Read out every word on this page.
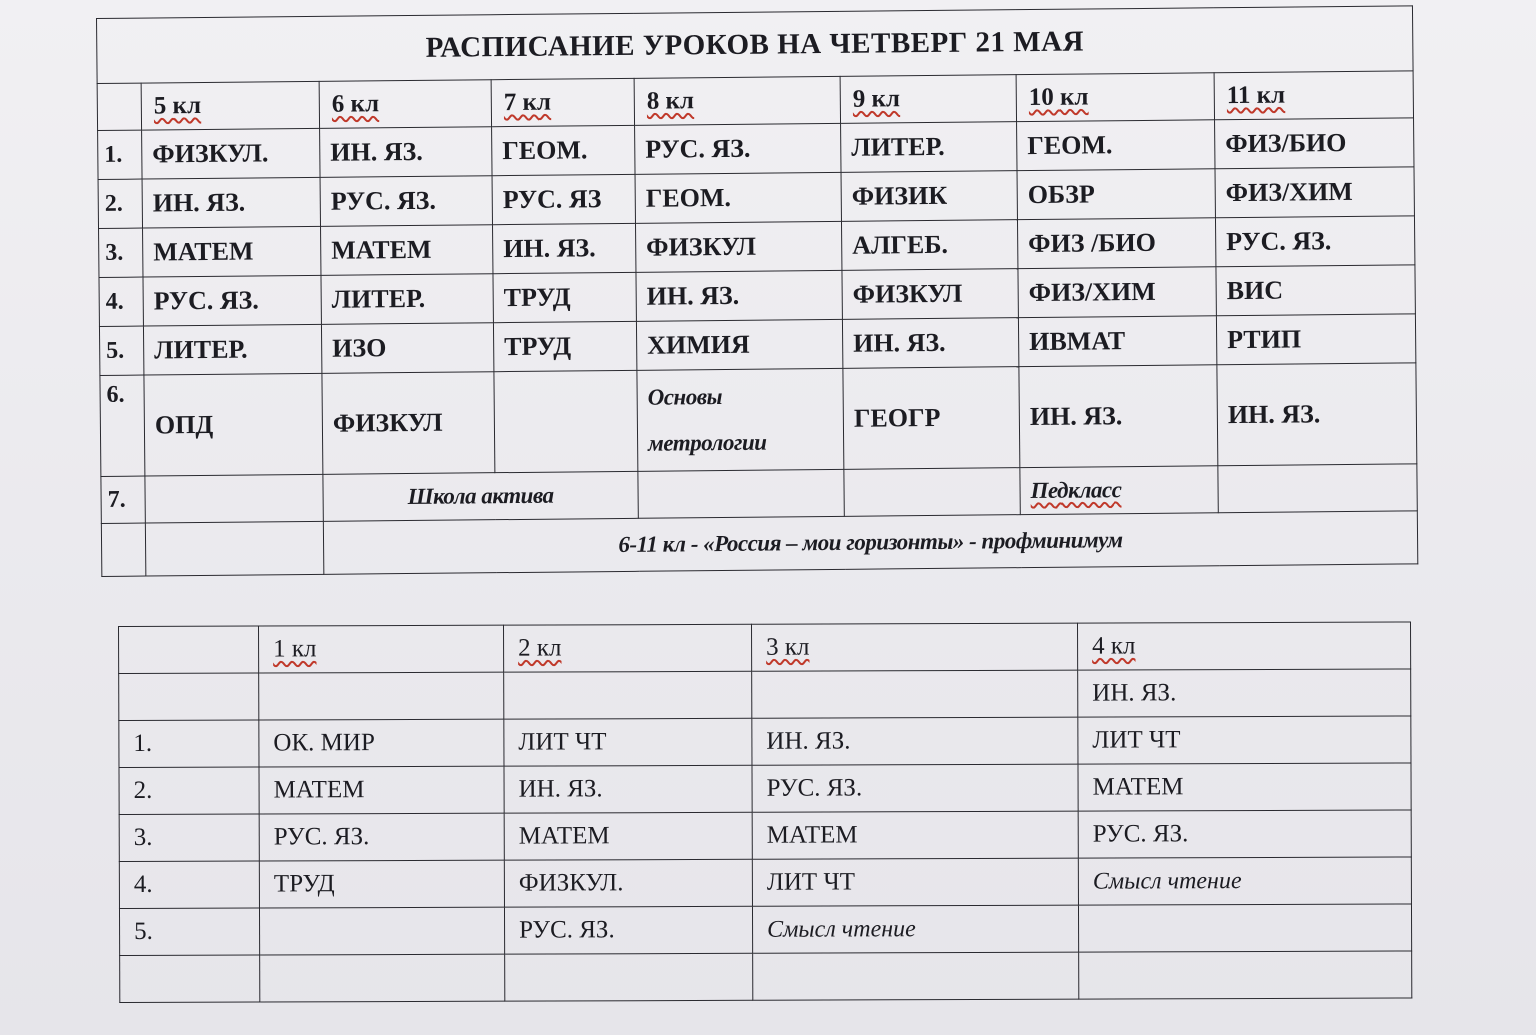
РАСПИСАНИЕ УРОКОВ НА ЧЕТВЕРГ 21 МАЯ							
	5 кл	6 кл	7 кл	8 кл	9 кл	10 кл	11 кл
1.	ФИЗКУЛ.	ИН. ЯЗ.	ГЕОМ.	РУС. ЯЗ.	ЛИТЕР.	ГЕОМ.	ФИЗ/БИО
2.	ИН. ЯЗ.	РУС. ЯЗ.	РУС. ЯЗ	ГЕОМ.	ФИЗИК	ОБЗР	ФИЗ/ХИМ
3.	МАТЕМ	МАТЕМ	ИН. ЯЗ.	ФИЗКУЛ	АЛГЕБ.	ФИЗ /БИО	РУС. ЯЗ.
4.	РУС. ЯЗ.	ЛИТЕР.	ТРУД	ИН. ЯЗ.	ФИЗКУЛ	ФИЗ/ХИМ	ВИС
5.	ЛИТЕР.	ИЗО	ТРУД	ХИМИЯ	ИН. ЯЗ.	ИВМАТ	РТИП
6.	ОПД	ФИЗКУЛ		Основы метрологии	ГЕОГР	ИН. ЯЗ.	ИН. ЯЗ.
7.		Школа актива				Педкласс	
		6-11 кл - «Россия – мои горизонты» - профминимум					
	1 кл	2 кл	3 кл	4 кл
				ИН. ЯЗ.
1.	ОК. МИР	ЛИТ ЧТ	ИН. ЯЗ.	ЛИТ ЧТ
2.	МАТЕМ	ИН. ЯЗ.	РУС. ЯЗ.	МАТЕМ
3.	РУС. ЯЗ.	МАТЕМ	МАТЕМ	РУС. ЯЗ.
4.	ТРУД	ФИЗКУЛ.	ЛИТ ЧТ	Смысл чтение
5.		РУС. ЯЗ.	Смысл чтение	
